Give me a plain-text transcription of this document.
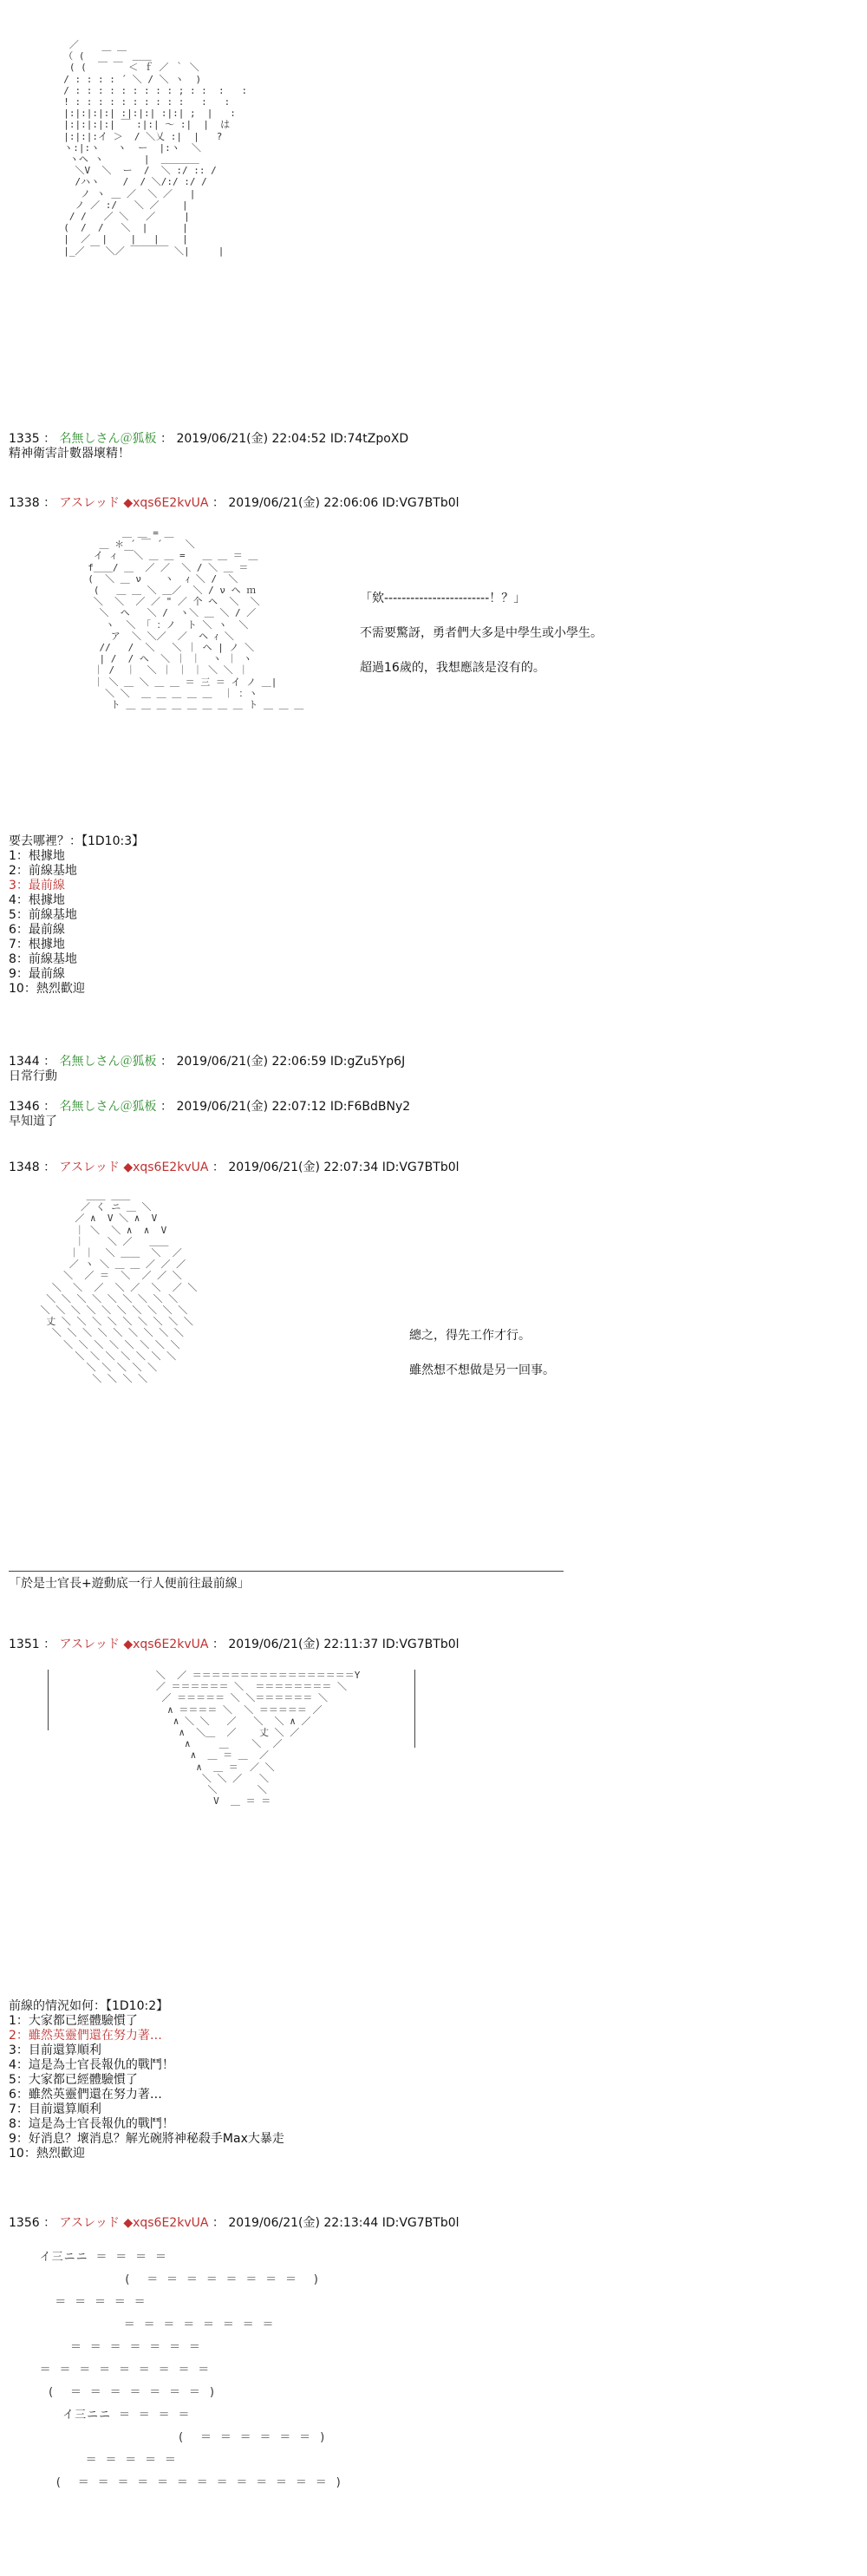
／
（ (   ￣ ￣ ＿＿
( (  ￣ ￣ ＜ ｆ ／ ｀ ＼
/ : : : : ´ ＼ / ＼ ヽ  )
/ : : : : : : : : : ; : :  :   :
! : : : : : : : : : :   :   :
|:|:|:|:| :|:|:| :|:| ;  |   :
|:|:|:|:| ￣ :|:| ～ :|  |  は
|:|:|:イ ＞  / ＼乂 :|  |   ?
ヽ:|:ヽ   ヽ  ー  |:ヽ  ＼
ヽヘ ヽ       |  ＿＿＿＿
＼V  ＼  ー  /  ＼ :/ :: /
/ハヽ    /  / ＼/:/ :/ /
ノ ヽ ＿ ／  ＼ ／   |
ノ ／ :/   ＼ ／    |
/ /   ／ ＼   ／     |
(  /  /   ＼  |      |
|  ／  |    |   |    |
|_／ ￣ ＼／ ￣￣￣￣ ＼|     |
1335 ： 名無しさん＠狐板 ： 2019/06/21(金) 22:04:52 ID:74tZpoXD
精神衛害計數器壞精！
1338 ： アスレッド ◆xqs6E2kvUA ： 2019/06/21(金) 22:06:06 ID:VG7BTb0l
＿ ＿ = ＿
＿ ＊ ´ ￣ ´    ＼
イ ィ ￣＼ ＿ ＿ =   ＿ ＿ ＝ ＿
f＿＿/ ＿  ／ ／  ＼ / ＼ ＿ ＝
(  ＼ ＿ ν    ヽ  ｨ ＼ /  ＼
(   ＿ ＿ ＼ ＿／  ＼ / ν ヘ ｍ
＼  ＼  ／ ／ " ／ 个 ヘ  ＼  ＼
＼  ヘ   ＼ /  ヽ＼ ＿ ＼ / ／
ヽ  ＼ 「 ：ノ  ト ＼ ヽ  ＼
ア  ＼ ＼／  ／  ヘ ｨ ＼
//   /  ＼   ＼ ｜ ヘ | ノ ＼
| /  / ヘ  ＼ ｜ ｜  ヽ ｜ ヽ
｜ /  ｜  ＼ ｜ ｜ ｜ ＼ ＼ ｜
｜ ＼ ＿ ＼ ＿ ＿ ＝ 三 ＝ イ ノ ＿|
＼ ＼  ＿ ＿ ＿ ＿ ＿  ｜ ：ヽ
ト ＿ ＿ ＿ ＿ ＿ ＿ ＿ ＿ ト ＿ ＿ ＿

「欸------------------------！？」

不需要驚訝，勇者們大多是中學生或小學生。

超過16歲的，我想應該是沒有的。
要去哪裡？：【1D10:3】
1：根據地
2：前線基地
3：最前線
4：根據地
5：前線基地
6：最前線
7：根據地
8：前線基地
9：最前線
10：熱烈歡迎
1344 ： 名無しさん＠狐板 ： 2019/06/21(金) 22:06:59 ID:gZu5Yp6J
日常行動
1346 ： 名無しさん＠狐板 ： 2019/06/21(金) 22:07:12 ID:F6BdBNy2
早知道了
1348 ： アスレッド ◆xqs6E2kvUA ： 2019/06/21(金) 22:07:34 ID:VG7BTb0l
＿＿ ＿＿
／ く ニ ＿ ＼
／ ∧  V ＼ ∧  V
｜ ＼  ＼ ∧  ∧  V
｜    ＼ ／   ＿＿
｜ ｜  ＼ ＿＿  ＼  ／
／ ヽ ＼ ＿ ＿ ／ ／ ／
＼  ／ ＝  ＼  ／ ／ ＼
＼  ＼  ／  ＼ ／  ＼  ／ ＼
＼ ＼ ＼ ＼ ＼ ＼ ＼ ＼ ＼
＼ ＼ ＼ ＼ ＼ ＼ ＼ ＼ ＼ ＼
丈 ＼ ＼ ＼ ＼ ＼ ＼ ＼ ＼ ＼
＼ ＼ ＼ ＼ ＼ ＼ ＼ ＼ ＼
＼ ＼ ＼ ＼ ＼ ＼ ＼ ＼
＼ ＼ ＼ ＼ ＼ ＼ ＼
＼ ＼ ＼ ＼ ＼
＼ ＼ ＼ ＼

總之，得先工作才行。

雖然想不想做是另一回事。
「於是士官長+遊動底一行人便前往最前線」
1351 ： アスレッド ◆xqs6E2kvUA ： 2019/06/21(金) 22:11:37 ID:VG7BTb0l
＼  ／ ＝＝＝＝＝＝＝＝＝＝＝＝＝＝＝＝＝Y
／ ＝＝＝＝＝＝ ＼  ＝＝＝＝＝＝＝＝ ＼
／ ＝＝＝＝＝ ＼ ＼＝＝＝＝＝＝ ＼
∧ ＝＝＝＝ ＼  ＼ ＝＝＝＝＝ ／
∧ ＼ ＼   ／   ＼  ＼ ∧ ／
∧  ＼＿  ／    丈 ＼ ／
∧     ＿    ＼  ／
∧  ＿ ＝ ＿  ／
∧  ＿ ＝  ／ ＼
＼ ＼ ／   ＼
＼       ＼
V  ＿ ＝ ＝
前線的情況如何：【1D10:2】
1：大家都已經體驗慣了
2：雖然英靈們還在努力著…
3：目前還算順利
4：這是為士官長報仇的戰鬥！
5：大家都已經體驗慣了
6：雖然英靈們還在努力著…
7：目前還算順利
8：這是為士官長報仇的戰鬥！
9：好消息？壞消息？解光碗將神秘殺手Max大暴走
10：熱烈歡迎
1356 ： アスレッド ◆xqs6E2kvUA ： 2019/06/21(金) 22:13:44 ID:VG7BTb0l
イ三ニニ ＝ ＝ ＝ ＝
(  ＝ ＝ ＝ ＝ ＝ ＝ ＝ ＝  )
＝ ＝ ＝ ＝ ＝
＝ ＝ ＝ ＝ ＝ ＝ ＝ ＝
＝ ＝ ＝ ＝ ＝ ＝ ＝
＝ ＝ ＝ ＝ ＝ ＝ ＝ ＝ ＝
(  ＝ ＝ ＝ ＝ ＝ ＝ ＝ )
イ三ニニ ＝ ＝ ＝ ＝
(  ＝ ＝ ＝ ＝ ＝ ＝ )
＝ ＝ ＝ ＝ ＝
(  ＝ ＝ ＝ ＝ ＝ ＝ ＝ ＝ ＝ ＝ ＝ ＝ ＝ )
